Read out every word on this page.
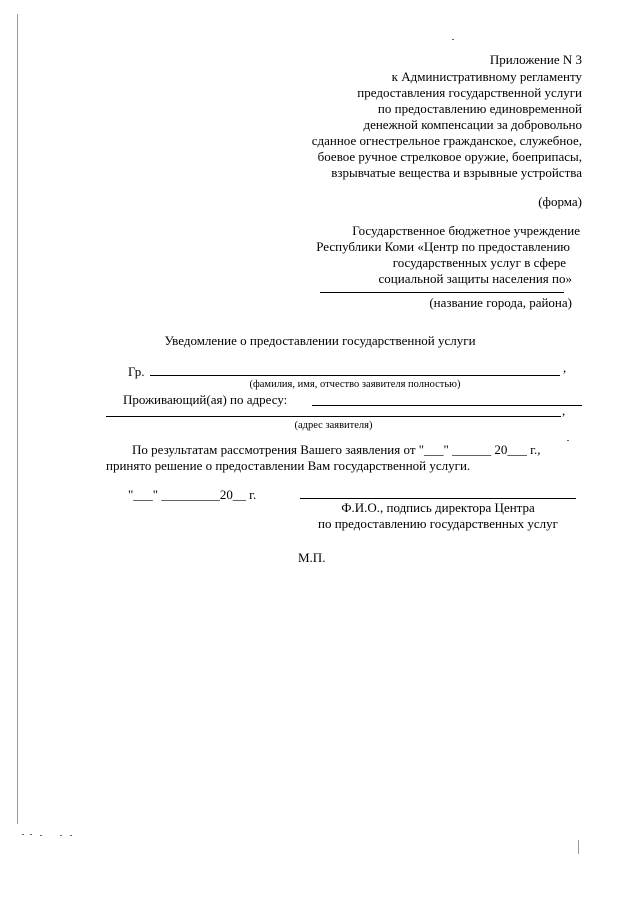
Приложение N 3
к Административному регламенту
предоставления государственной услуги
по предоставлению единовременной
денежной компенсации за добровольно
сданное огнестрельное гражданское, служебное,
боевое ручное стрелковое оружие, боеприпасы,
взрывчатые вещества и взрывные устройства
(форма)
Государственное бюджетное учреждение
Республики Коми «Центр по предоставлению
государственных услуг в сфере
социальной защиты населения по»
(название города, района)
Уведомление о предоставлении государственной услуги
Гр.	,
(фамилия, имя, отчество заявителя полностью)
Проживающий(ая) по адресу:
,
(адрес заявителя)
По результатам рассмотрения Вашего заявления от "___" ______ 20___ г.,
принято решение о предоставлении Вам государственной услуги.
"___" _________20__ г.
Ф.И.О., подпись директора Центра
по предоставлению государственных услуг
М.П.
